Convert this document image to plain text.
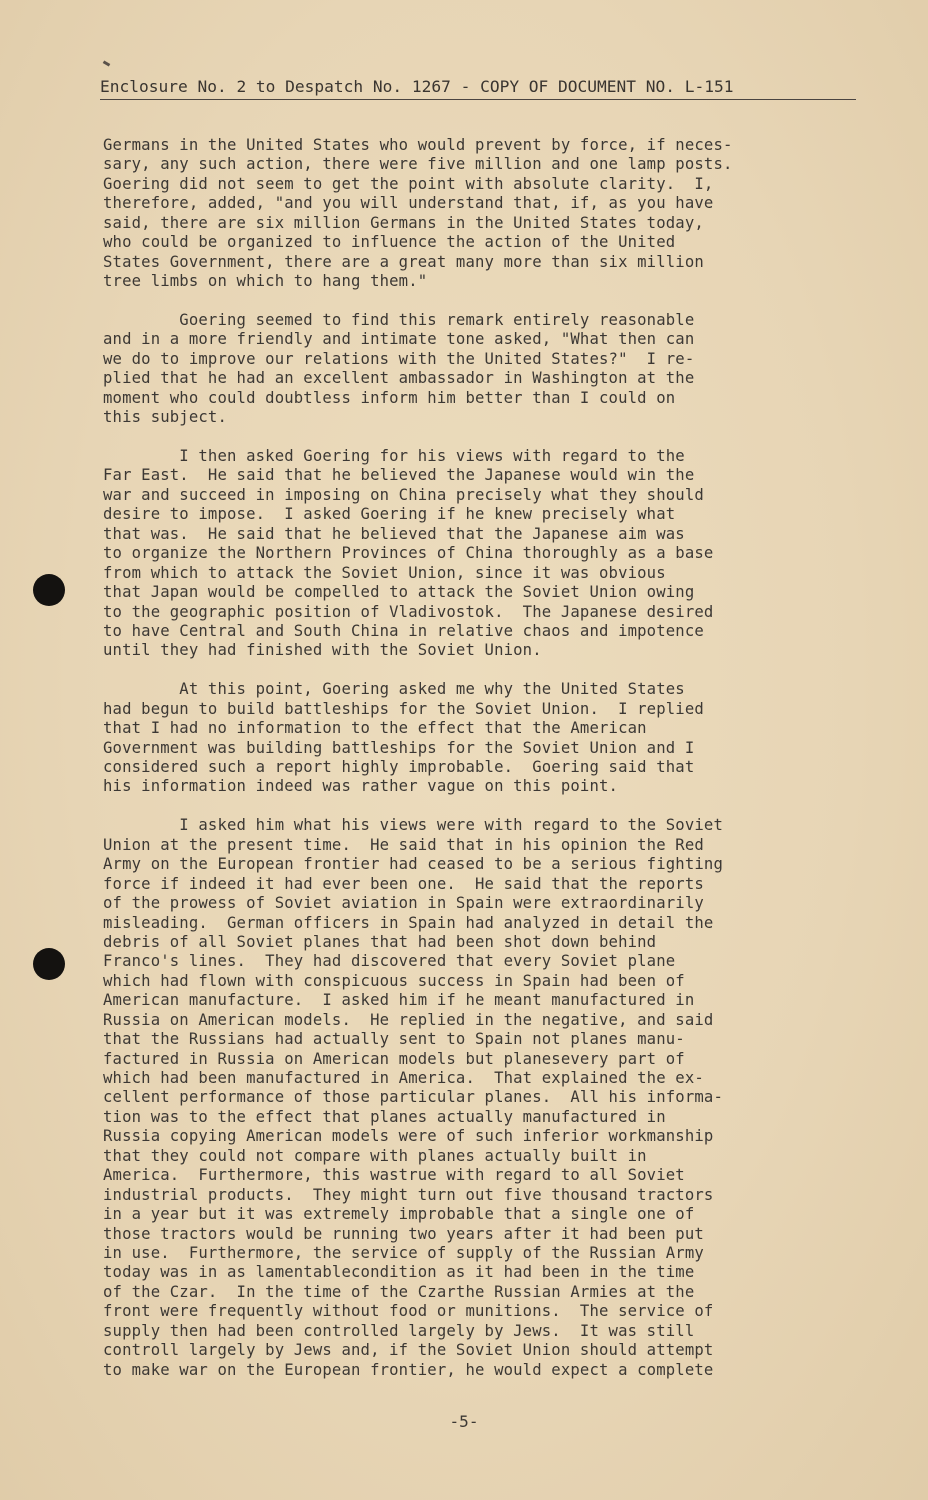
Enclosure No. 2 to Despatch No. 1267 - COPY OF DOCUMENT NO. L-151
Germans in the United States who would prevent by force, if neces-
sary, any such action, there were five million and one lamp posts.
Goering did not seem to get the point with absolute clarity.  I,
therefore, added, "and you will understand that, if, as you have
said, there are six million Germans in the United States today,
who could be organized to influence the action of the United
States Government, there are a great many more than six million
tree limbs on which to hang them."
Goering seemed to find this remark entirely reasonable
and in a more friendly and intimate tone asked, "What then can
we do to improve our relations with the United States?"  I re-
plied that he had an excellent ambassador in Washington at the
moment who could doubtless inform him better than I could on
this subject.
I then asked Goering for his views with regard to the
Far East.  He said that he believed the Japanese would win the
war and succeed in imposing on China precisely what they should
desire to impose.  I asked Goering if he knew precisely what
that was.  He said that he believed that the Japanese aim was
to organize the Northern Provinces of China thoroughly as a base
from which to attack the Soviet Union, since it was obvious
that Japan would be compelled to attack the Soviet Union owing
to the geographic position of Vladivostok.  The Japanese desired
to have Central and South China in relative chaos and impotence
until they had finished with the Soviet Union.
At this point, Goering asked me why the United States
had begun to build battleships for the Soviet Union.  I replied
that I had no information to the effect that the American
Government was building battleships for the Soviet Union and I
considered such a report highly improbable.  Goering said that
his information indeed was rather vague on this point.
I asked him what his views were with regard to the Soviet
Union at the present time.  He said that in his opinion the Red
Army on the European frontier had ceased to be a serious fighting
force if indeed it had ever been one.  He said that the reports
of the prowess of Soviet aviation in Spain were extraordinarily
misleading.  German officers in Spain had analyzed in detail the
debris of all Soviet planes that had been shot down behind
Franco's lines.  They had discovered that every Soviet plane
which had flown with conspicuous success in Spain had been of
American manufacture.  I asked him if he meant manufactured in
Russia on American models.  He replied in the negative, and said
that the Russians had actually sent to Spain not planes manu-
factured in Russia on American models but planesevery part of
which had been manufactured in America.  That explained the ex-
cellent performance of those particular planes.  All his informa-
tion was to the effect that planes actually manufactured in
Russia copying American models were of such inferior workmanship
that they could not compare with planes actually built in
America.  Furthermore, this wastrue with regard to all Soviet
industrial products.  They might turn out five thousand tractors
in a year but it was extremely improbable that a single one of
those tractors would be running two years after it had been put
in use.  Furthermore, the service of supply of the Russian Army
today was in as lamentablecondition as it had been in the time
of the Czar.  In the time of the Czarthe Russian Armies at the
front were frequently without food or munitions.  The service of
supply then had been controlled largely by Jews.  It was still
controll largely by Jews and, if the Soviet Union should attempt
to make war on the European frontier, he would expect a complete
-5-
